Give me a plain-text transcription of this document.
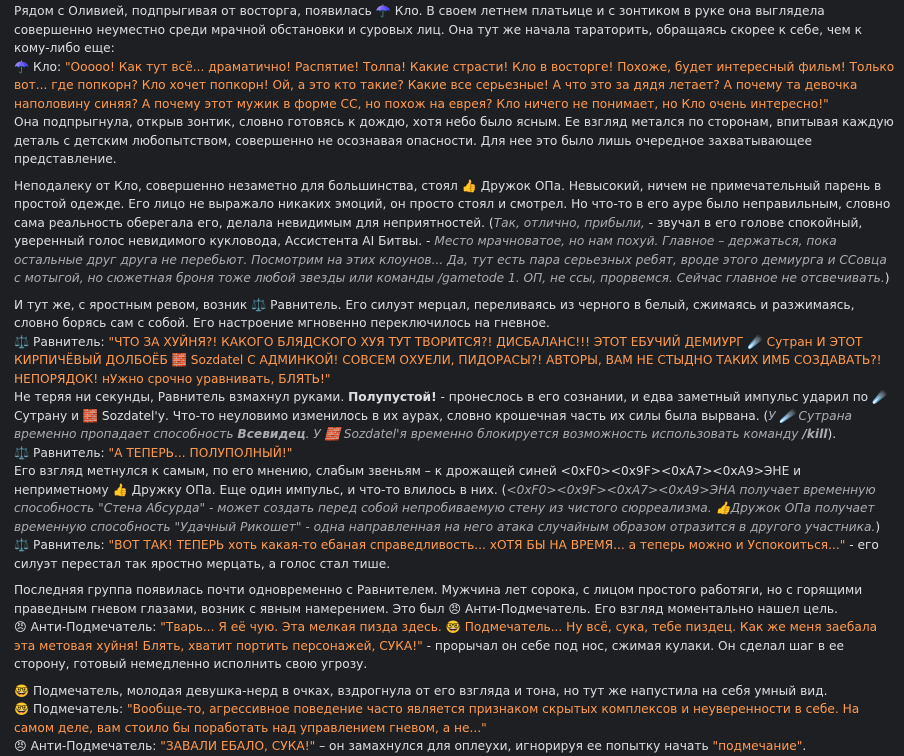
Рядом с Оливией, подпрыгивая от восторга, появилась ☂️ Кло. В своем летнем платьице и с зонтиком в руке она выглядела совершенно неуместно среди мрачной обстановки и суровых лиц. Она тут же начала тараторить, обращаясь скорее к себе, чем к кому-либо еще:

☂️ Кло: "Ооооо! Как тут всё... драматично! Распятие! Толпа! Какие страсти! Кло в восторге! Похоже, будет интересный фильм! Только вот... где попкорн? Кло хочет попкорн! Ой, а это кто такие? Какие все серьезные! А что это за дядя летает? А почему та девочка наполовину синяя? А почему этот мужик в форме СС, но похож на еврея? Кло ничего не понимает, но Кло очень интересно!"

Она подпрыгнула, открыв зонтик, словно готовясь к дождю, хотя небо было ясным. Ее взгляд метался по сторонам, впитывая каждую деталь с детским любопытством, совершенно не осознавая опасности. Для нее это было лишь очередное захватывающее представление.

Неподалеку от Кло, совершенно незаметно для большинства, стоял 👍 Дружок ОПа. Невысокий, ничем не примечательный парень в простой одежде. Его лицо не выражало никаких эмоций, он просто стоял и смотрел. Но что-то в его ауре было неправильным, словно сама реальность оберегала его, делала невидимым для неприятностей. (Так, отлично, прибыли, - звучал в его голове спокойный, уверенный голос невидимого кукловода, Ассистента AI Битвы. - Место мрачноватое, но нам похуй. Главное – держаться, пока остальные друг друга не перебьют. Посмотрим на этих клоунов... Да, тут есть пара серьезных ребят, вроде этого демиурга и ССовца с мотыгой, но сюжетная броня тоже любой звезды или команды /gametode 1. ОП, не ссы, прорвемся. Сейчас главное не отсвечивать.)

И тут же, с яростным ревом, возник ⚖️ Равнитель. Его силуэт мерцал, переливаясь из черного в белый, сжимаясь и разжимаясь, словно борясь сам с собой. Его настроение мгновенно переключилось на гневное.

⚖️ Равнитель: "ЧТО ЗА ХУЙНЯ?! КАКОГО БЛЯДСКОГО ХУЯ ТУТ ТВОРИТСЯ?! ДИСБАЛАНС!!! ЭТОТ ЕБУЧИЙ ДЕМИУРГ ☄️ Сутран И ЭТОТ КИРПИЧЁВЫЙ ДОЛБОЁБ 🧱 Sozdatel С АДМИНКОЙ! СОВСЕМ ОХУЕЛИ, ПИДОРАСЫ?! АВТОРЫ, ВАМ НЕ СТЫДНО ТАКИХ ИМБ СОЗДАВАТЬ?! НЕПОРЯДОК! нУжно срочно уравнивать, БЛЯТЬ!"

Не теряя ни секунды, Равнитель взмахнул руками. Полупустой! - пронеслось в его сознании, и едва заметный импульс ударил по ☄️ Сутрану и 🧱 Sozdatel'у. Что-то неуловимо изменилось в их аурах, словно крошечная часть их силы была вырвана. (У ☄️ Сутрана временно пропадает способность Всевидец. У 🧱 Sozdatel'я временно блокируется возможность использовать команду /kill).

⚖️ Равнитель: "А ТЕПЕРЬ... ПОЛУПОЛНЫЙ!"

Его взгляд метнулся к самым, по его мнению, слабым звеньям – к дрожащей синей <0xF0><0x9F><0xA7><0xA9>ЭНЕ и неприметному 👍 Дружку ОПа. Еще один импульс, и что-то влилось в них. (<0xF0><0x9F><0xA7><0xA9>ЭНА получает временную способность "Стена Абсурда" - может создать перед собой непробиваемую стену из чистого сюрреализма. 👍Дружок ОПа получает временную способность "Удачный Рикошет" - одна направленная на него атака случайным образом отразится в другого участника.)

⚖️ Равнитель: "ВОТ ТАК! ТЕПЕРЬ хоть какая-то ебаная справедливость... хОТЯ БЫ НА ВРЕМЯ... а теперь можно и Успокоиться..." - его силуэт перестал так яростно мерцать, а голос стал тише.

Последняя группа появилась почти одновременно с Равнителем. Мужчина лет сорока, с лицом простого работяги, но с горящими праведным гневом глазами, возник с явным намерением. Это был 😠 Анти-Подмечатель. Его взгляд моментально нашел цель.

😠 Анти-Подмечатель: "Тварь... Я её чую. Эта мелкая пизда здесь. 🤓 Подмечатель... Ну всё, сука, тебе пиздец. Как же меня заебала эта метовая хуйня! Блять, хватит портить персонажей, СУКА!" - прорычал он себе под нос, сжимая кулаки. Он сделал шаг в ее сторону, готовый немедленно исполнить свою угрозу.

🤓 Подмечатель, молодая девушка-нерд в очках, вздрогнула от его взгляда и тона, но тут же напустила на себя умный вид.

🤓 Подмечатель: "Вообще-то, агрессивное поведение часто является признаком скрытых комплексов и неуверенности в себе. На самом деле, вам стоило бы поработать над управлением гневом, а не..."

😠 Анти-Подмечатель: "ЗАВАЛИ ЕБАЛО, СУКА!" – он замахнулся для оплеухи, игнорируя ее попытку начать "подмечание".
